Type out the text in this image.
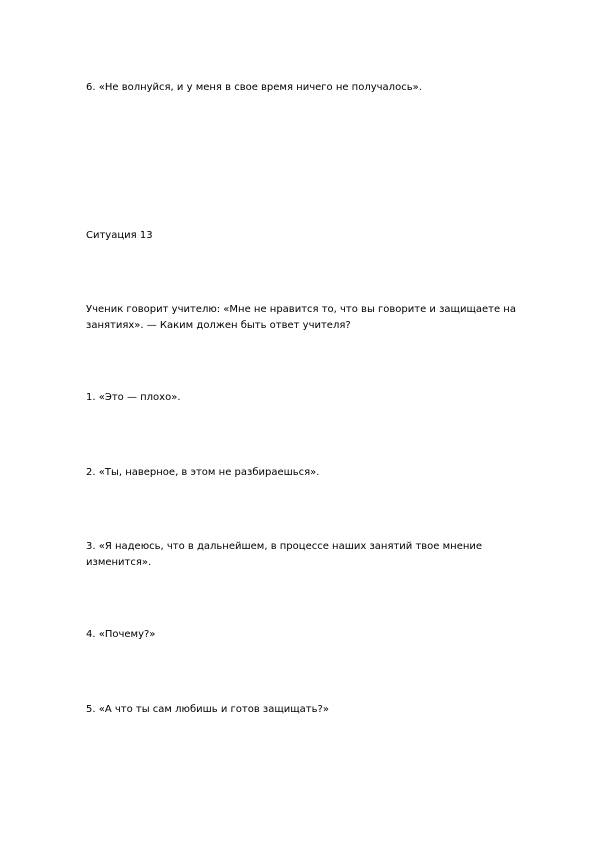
6. «Не волнуйся, и у меня в свое время ничего не получалось».
Ситуация 13
Ученик говорит учителю: «Мне не нравится то, что вы говорите и защищаете на занятиях». — Каким должен быть ответ учителя?
1. «Это — плохо».
2. «Ты, наверное, в этом не разбираешься».
3. «Я надеюсь, что в дальнейшем, в процессе наших занятий твое мнение изменится».
4. «Почему?»
5. «А что ты сам любишь и готов защищать?»
